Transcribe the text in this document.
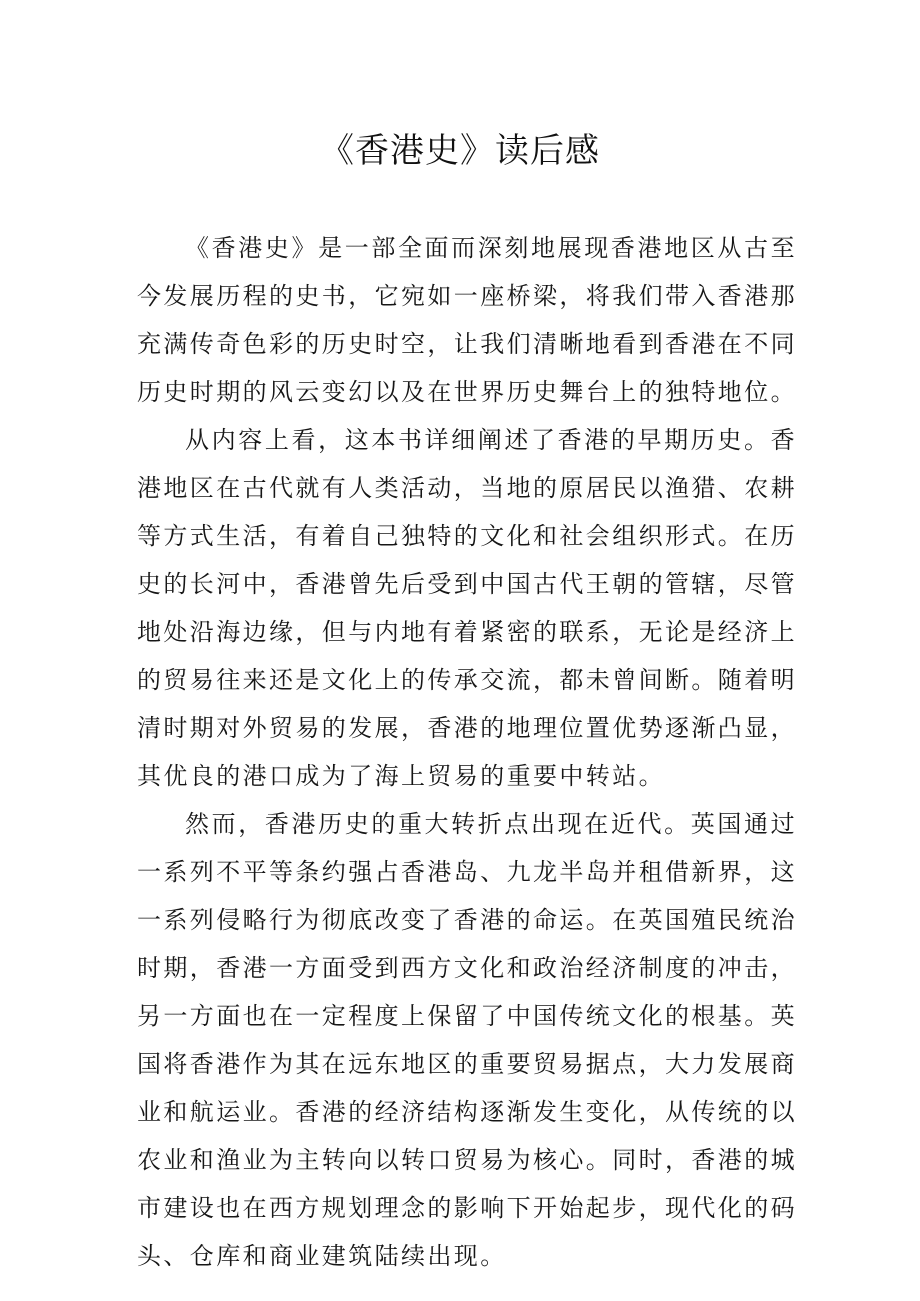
《香港史》读后感

《香港史》是一部全面而深刻地展现香港地区从古至今发展历程的史书，它宛如一座桥梁，将我们带入香港那充满传奇色彩的历史时空，让我们清晰地看到香港在不同历史时期的风云变幻以及在世界历史舞台上的独特地位。

从内容上看，这本书详细阐述了香港的早期历史。香港地区在古代就有人类活动，当地的原居民以渔猎、农耕等方式生活，有着自己独特的文化和社会组织形式。在历史的长河中，香港曾先后受到中国古代王朝的管辖，尽管地处沿海边缘，但与内地有着紧密的联系，无论是经济上的贸易往来还是文化上的传承交流，都未曾间断。随着明清时期对外贸易的发展，香港的地理位置优势逐渐凸显，其优良的港口成为了海上贸易的重要中转站。

然而，香港历史的重大转折点出现在近代。英国通过一系列不平等条约强占香港岛、九龙半岛并租借新界，这一系列侵略行为彻底改变了香港的命运。在英国殖民统治时期，香港一方面受到西方文化和政治经济制度的冲击，另一方面也在一定程度上保留了中国传统文化的根基。英国将香港作为其在远东地区的重要贸易据点，大力发展商业和航运业。香港的经济结构逐渐发生变化，从传统的以农业和渔业为主转向以转口贸易为核心。同时，香港的城市建设也在西方规划理念的影响下开始起步，现代化的码头、仓库和商业建筑陆续出现。
